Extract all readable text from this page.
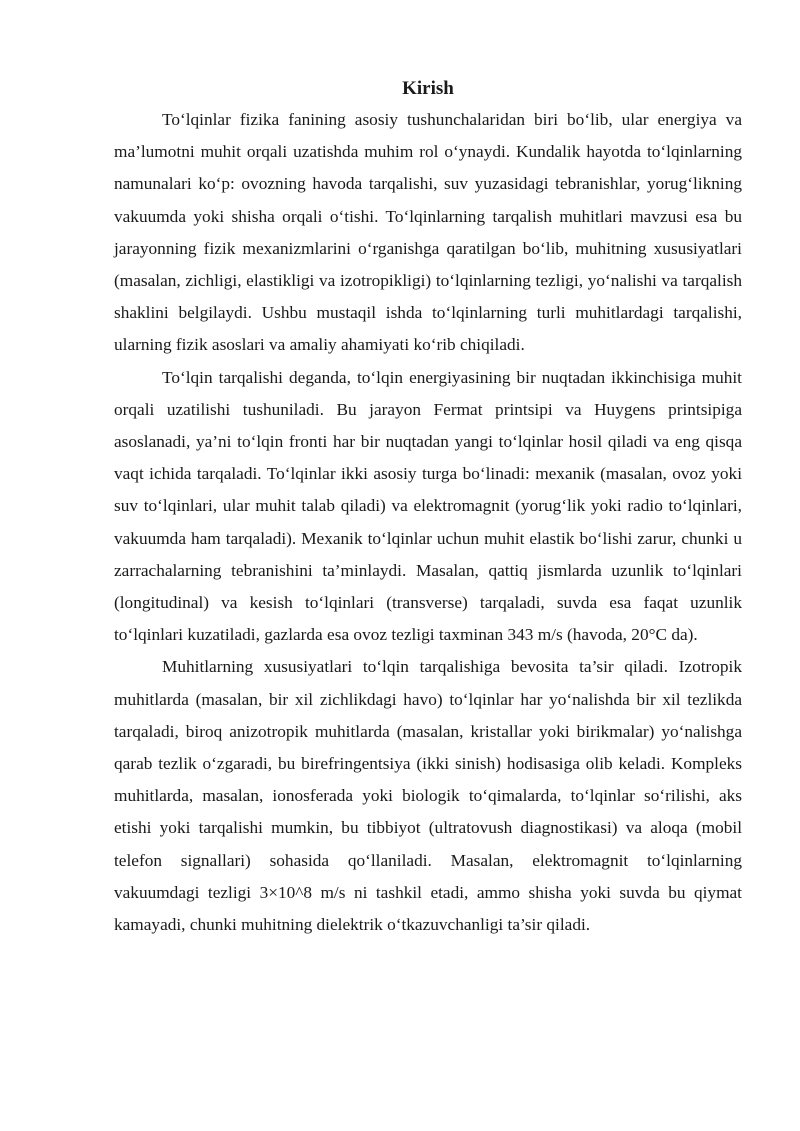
Kirish

To‘lqinlar fizika fanining asosiy tushunchalaridan biri bo‘lib, ular energiya va ma’lumotni muhit orqali uzatishda muhim rol o‘ynaydi. Kundalik hayotda to‘lqinlarning namunalari ko‘p: ovozning havoda tarqalishi, suv yuzasidagi tebranishlar, yorug‘likning vakuumda yoki shisha orqali o‘tishi. To‘lqinlarning tarqalish muhitlari mavzusi esa bu jarayonning fizik mexanizmlarini o‘rganishga qaratilgan bo‘lib, muhitning xususiyatlari (masalan, zichligi, elastikligi va izotropikligi) to‘lqinlarning tezligi, yo‘nalishi va tarqalish shaklini belgilaydi. Ushbu mustaqil ishda to‘lqinlarning turli muhitlardagi tarqalishi, ularning fizik asoslari va amaliy ahamiyati ko‘rib chiqiladi.

To‘lqin tarqalishi deganda, to‘lqin energiyasining bir nuqtadan ikkinchisiga muhit orqali uzatilishi tushuniladi. Bu jarayon Fermat printsipi va Huygens printsipiga asoslanadi, ya’ni to‘lqin fronti har bir nuqtadan yangi to‘lqinlar hosil qiladi va eng qisqa vaqt ichida tarqaladi. To‘lqinlar ikki asosiy turga bo‘linadi: mexanik (masalan, ovoz yoki suv to‘lqinlari, ular muhit talab qiladi) va elektromagnit (yorug‘lik yoki radio to‘lqinlari, vakuumda ham tarqaladi). Mexanik to‘lqinlar uchun muhit elastik bo‘lishi zarur, chunki u zarrachalarning tebranishini ta’minlaydi. Masalan, qattiq jismlarda uzunlik to‘lqinlari (longitudinal) va kesish to‘lqinlari (transverse) tarqaladi, suvda esa faqat uzunlik to‘lqinlari kuzatiladi, gazlarda esa ovoz tezligi taxminan 343 m/s (havoda, 20°C da).

Muhitlarning xususiyatlari to‘lqin tarqalishiga bevosita ta’sir qiladi. Izotropik muhitlarda (masalan, bir xil zichlikdagi havo) to‘lqinlar har yo‘nalishda bir xil tezlikda tarqaladi, biroq anizotropik muhitlarda (masalan, kristallar yoki birikmalar) yo‘nalishga qarab tezlik o‘zgaradi, bu birefringentsiya (ikki sinish) hodisasiga olib keladi. Kompleks muhitlarda, masalan, ionosferada yoki biologik to‘qimalarda, to‘lqinlar so‘rilishi, aks etishi yoki tarqalishi mumkin, bu tibbiyot (ultratovush diagnostikasi) va aloqa (mobil telefon signallari) sohasida qo‘llaniladi. Masalan, elektromagnit to‘lqinlarning vakuumdagi tezligi 3×10^8 m/s ni tashkil etadi, ammo shisha yoki suvda bu qiymat kamayadi, chunki muhitning dielektrik o‘tkazuvchanligi ta’sir qiladi.
